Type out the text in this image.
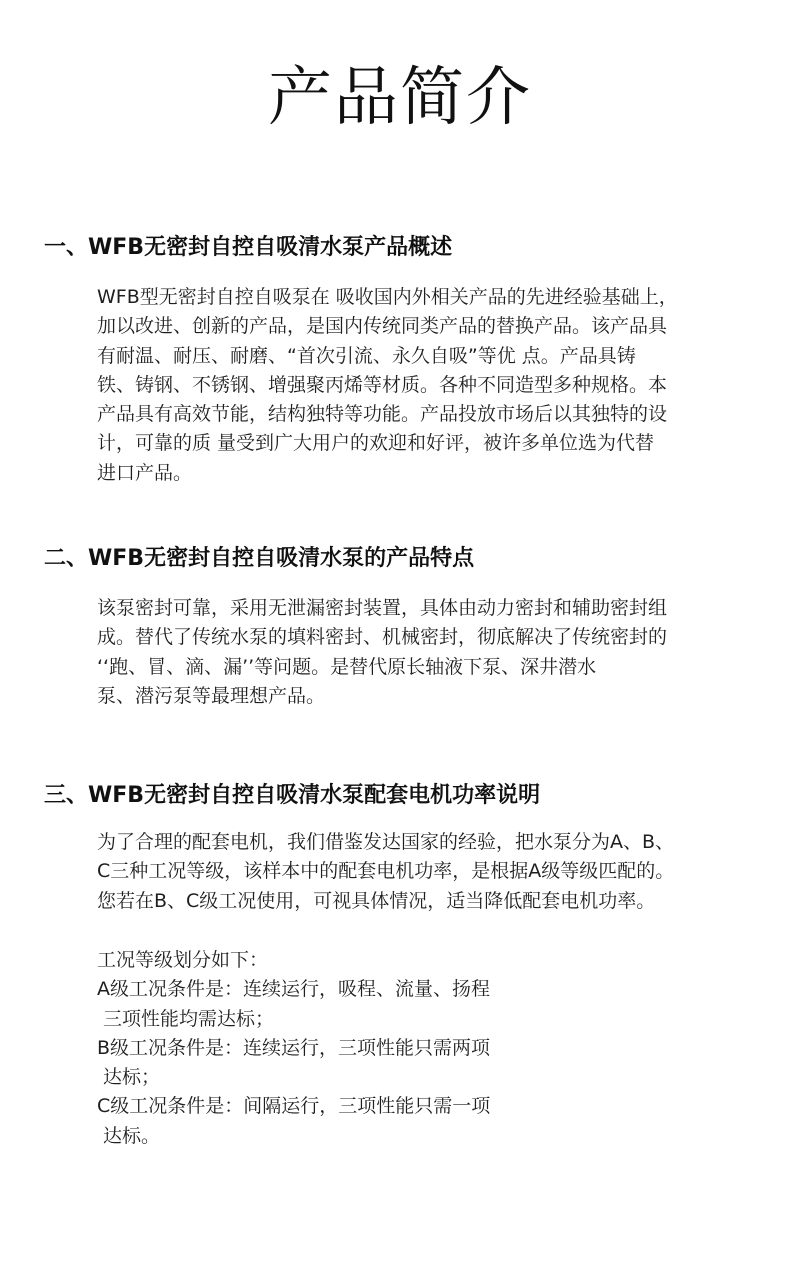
产品简介
一、WFB无密封自控自吸清水泵产品概述
WFB型无密封自控自吸泵在 吸收国内外相关产品的先进经验基础上，
加以改进、创新的产品，是国内传统同类产品的替换产品。该产品具
有耐温、耐压、耐磨、“首次引流、永久自吸”等优 点。产品具铸
铁、铸钢、不锈钢、增强聚丙烯等材质。各种不同造型多种规格。本
产品具有高效节能，结构独特等功能。产品投放市场后以其独特的设
计，可靠的质 量受到广大用户的欢迎和好评，被许多单位选为代替
进口产品。
二、WFB无密封自控自吸清水泵的产品特点
该泵密封可靠，采用无泄漏密封装置，具体由动力密封和辅助密封组
成。替代了传统水泵的填料密封、机械密封，彻底解决了传统密封的
‘‘跑、冒、滴、漏’’等问题。是替代原长轴液下泵、深井潜水
泵、潜污泵等最理想产品。
三、WFB无密封自控自吸清水泵配套电机功率说明
为了合理的配套电机，我们借鉴发达国家的经验，把水泵分为A、B、
C三种工况等级，该样本中的配套电机功率，是根据A级等级匹配的。
您若在B、C级工况使用，可视具体情况，适当降低配套电机功率。
工况等级划分如下：
A级工况条件是：连续运行，吸程、流量、扬程
三项性能均需达标；
B级工况条件是：连续运行，三项性能只需两项
达标；
C级工况条件是：间隔运行，三项性能只需一项
达标。
